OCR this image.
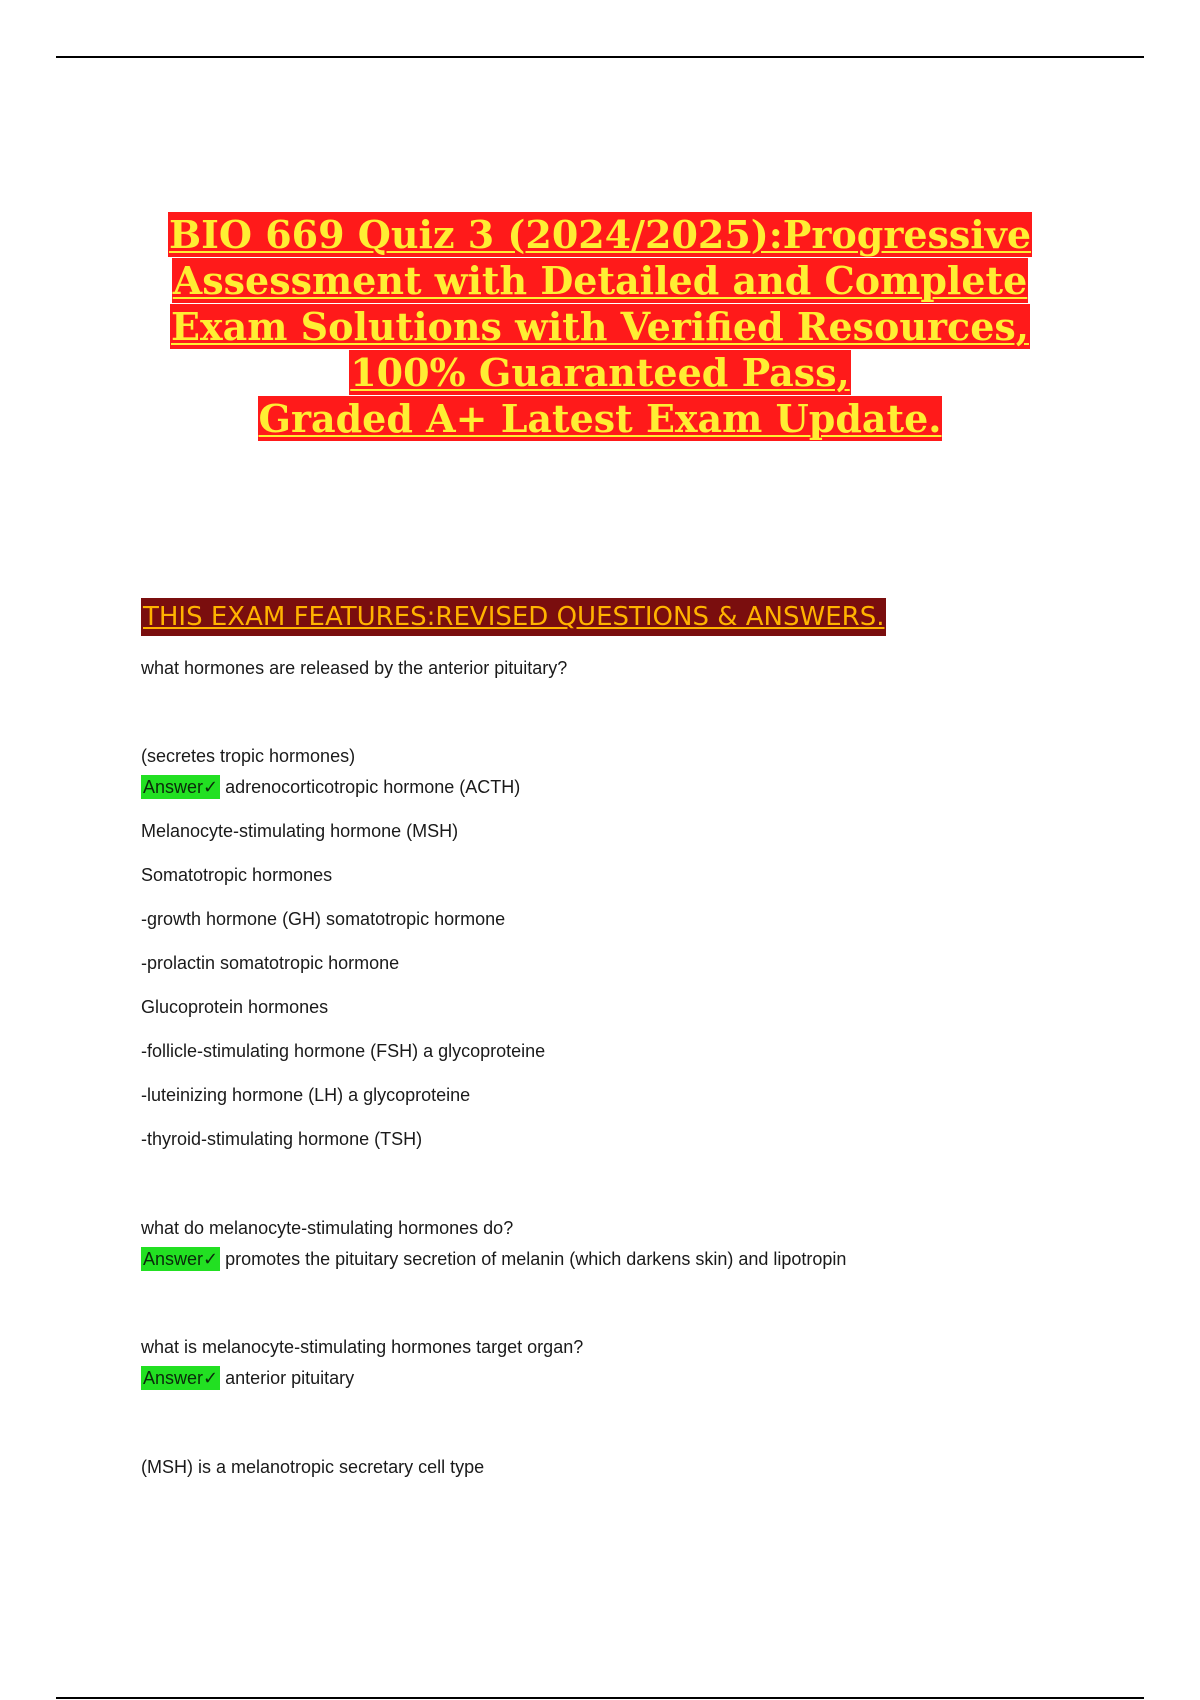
BIO 669 Quiz 3 (2024/2025):Progressive
Assessment with Detailed and Complete
Exam Solutions with Verified Resources,
100% Guaranteed Pass,
Graded A+ Latest Exam Update.
THIS EXAM FEATURES:REVISED QUESTIONS & ANSWERS.
what hormones are released by the anterior pituitary?
(secretes tropic hormones)
Answer✓ adrenocorticotropic hormone (ACTH)
Melanocyte-stimulating hormone (MSH)
Somatotropic hormones
-growth hormone (GH) somatotropic hormone
-prolactin somatotropic hormone
Glucoprotein hormones
-follicle-stimulating hormone (FSH) a glycoproteine
-luteinizing hormone (LH) a glycoproteine
-thyroid-stimulating hormone (TSH)
what do melanocyte-stimulating hormones do?
Answer✓ promotes the pituitary secretion of melanin (which darkens skin) and lipotropin
what is melanocyte-stimulating hormones target organ?
Answer✓ anterior pituitary
(MSH) is a melanotropic secretary cell type
